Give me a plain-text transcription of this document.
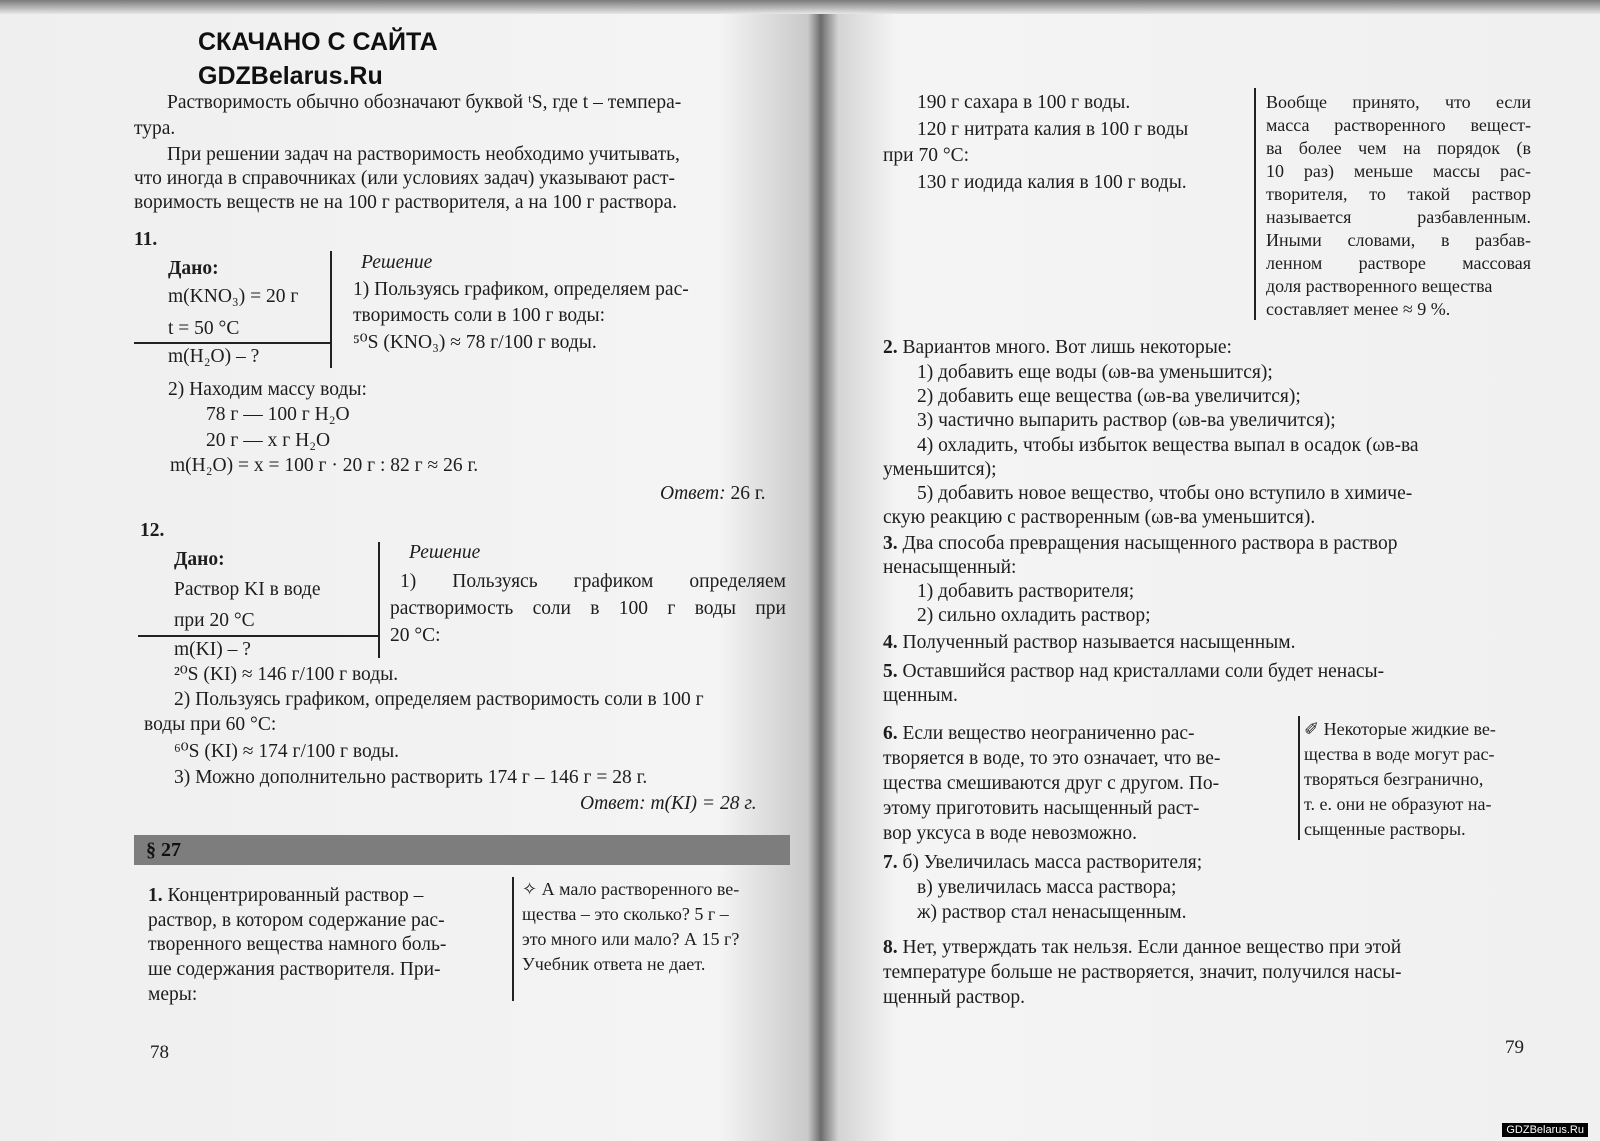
СКАЧАНО С САЙТА
GDZBelarus.Ru
Растворимость обычно обозначают буквой ᵗS, где t – темпера-
тура.
При решении задач на растворимость необходимо учитывать,
что иногда в справочниках (или условиях задач) указывают раст-
воримость веществ не на 100 г растворителя, а на 100 г раствора.
11.
Дано:
m(KNO₃) = 20 г
t = 50 °C
m(H₂O) – ?
Решение
1) Пользуясь графиком, определяем рас-
творимость соли в 100 г воды:
⁵⁰S (KNO₃) ≈ 78 г/100 г воды.
2) Находим массу воды:
78 г — 100 г H₂O
20 г — x г H₂O
m(H₂O) = x = 100 г · 20 г : 82 г ≈ 26 г.
Ответ: 26 г.
12.
Дано:
Раствор KI в воде
при 20 °C
m(KI) – ?
Решение
1) Пользуясь графиком определяем
растворимость соли в 100 г воды при
20 °C:
²⁰S (KI) ≈ 146 г/100 г воды.
2) Пользуясь графиком, определяем растворимость соли в 100 г
воды при 60 °C:
⁶⁰S (KI) ≈ 174 г/100 г воды.
3) Можно дополнительно растворить 174 г – 146 г = 28 г.
Ответ: m(KI) = 28 г.
§ 27
1. Концентрированный раствор –
раствор, в котором содержание рас-
творенного вещества намного боль-
ше содержания растворителя. При-
меры:
✧ А мало растворенного ве-
щества – это сколько? 5 г –
это много или мало? А 15 г?
Учебник ответа не дает.
78
190 г сахара в 100 г воды.
120 г нитрата калия в 100 г воды
при 70 °C:
130 г иодида калия в 100 г воды.
Вообще принято, что если
масса растворенного вещест-
ва более чем на порядок (в
10 раз) меньше массы рас-
творителя, то такой раствор
называется разбавленным.
Иными словами, в разбав-
ленном растворе массовая
доля растворенного вещества
составляет менее ≈ 9 %.
2. Вариантов много. Вот лишь некоторые:
1) добавить еще воды (ωв-ва уменьшится);
2) добавить еще вещества (ωв-ва увеличится);
3) частично выпарить раствор (ωв-ва увеличится);
4) охладить, чтобы избыток вещества выпал в осадок (ωв-ва
уменьшится);
5) добавить новое вещество, чтобы оно вступило в химиче-
скую реакцию с растворенным (ωв-ва уменьшится).
3. Два способа превращения насыщенного раствора в раствор
ненасыщенный:
1) добавить растворителя;
2) сильно охладить раствор;
4. Полученный раствор называется насыщенным.
5. Оставшийся раствор над кристаллами соли будет ненасы-
щенным.
6. Если вещество неограниченно рас-
творяется в воде, то это означает, что ве-
щества смешиваются друг с другом. По-
этому приготовить насыщенный раст-
вор уксуса в воде невозможно.
✐ Некоторые жидкие ве-
щества в воде могут рас-
творяться безгранично,
т. е. они не образуют на-
сыщенные растворы.
7. б) Увеличилась масса растворителя;
в) увеличилась масса раствора;
ж) раствор стал ненасыщенным.
8. Нет, утверждать так нельзя. Если данное вещество при этой
температуре больше не растворяется, значит, получился насы-
щенный раствор.
79
GDZBelarus.Ru
